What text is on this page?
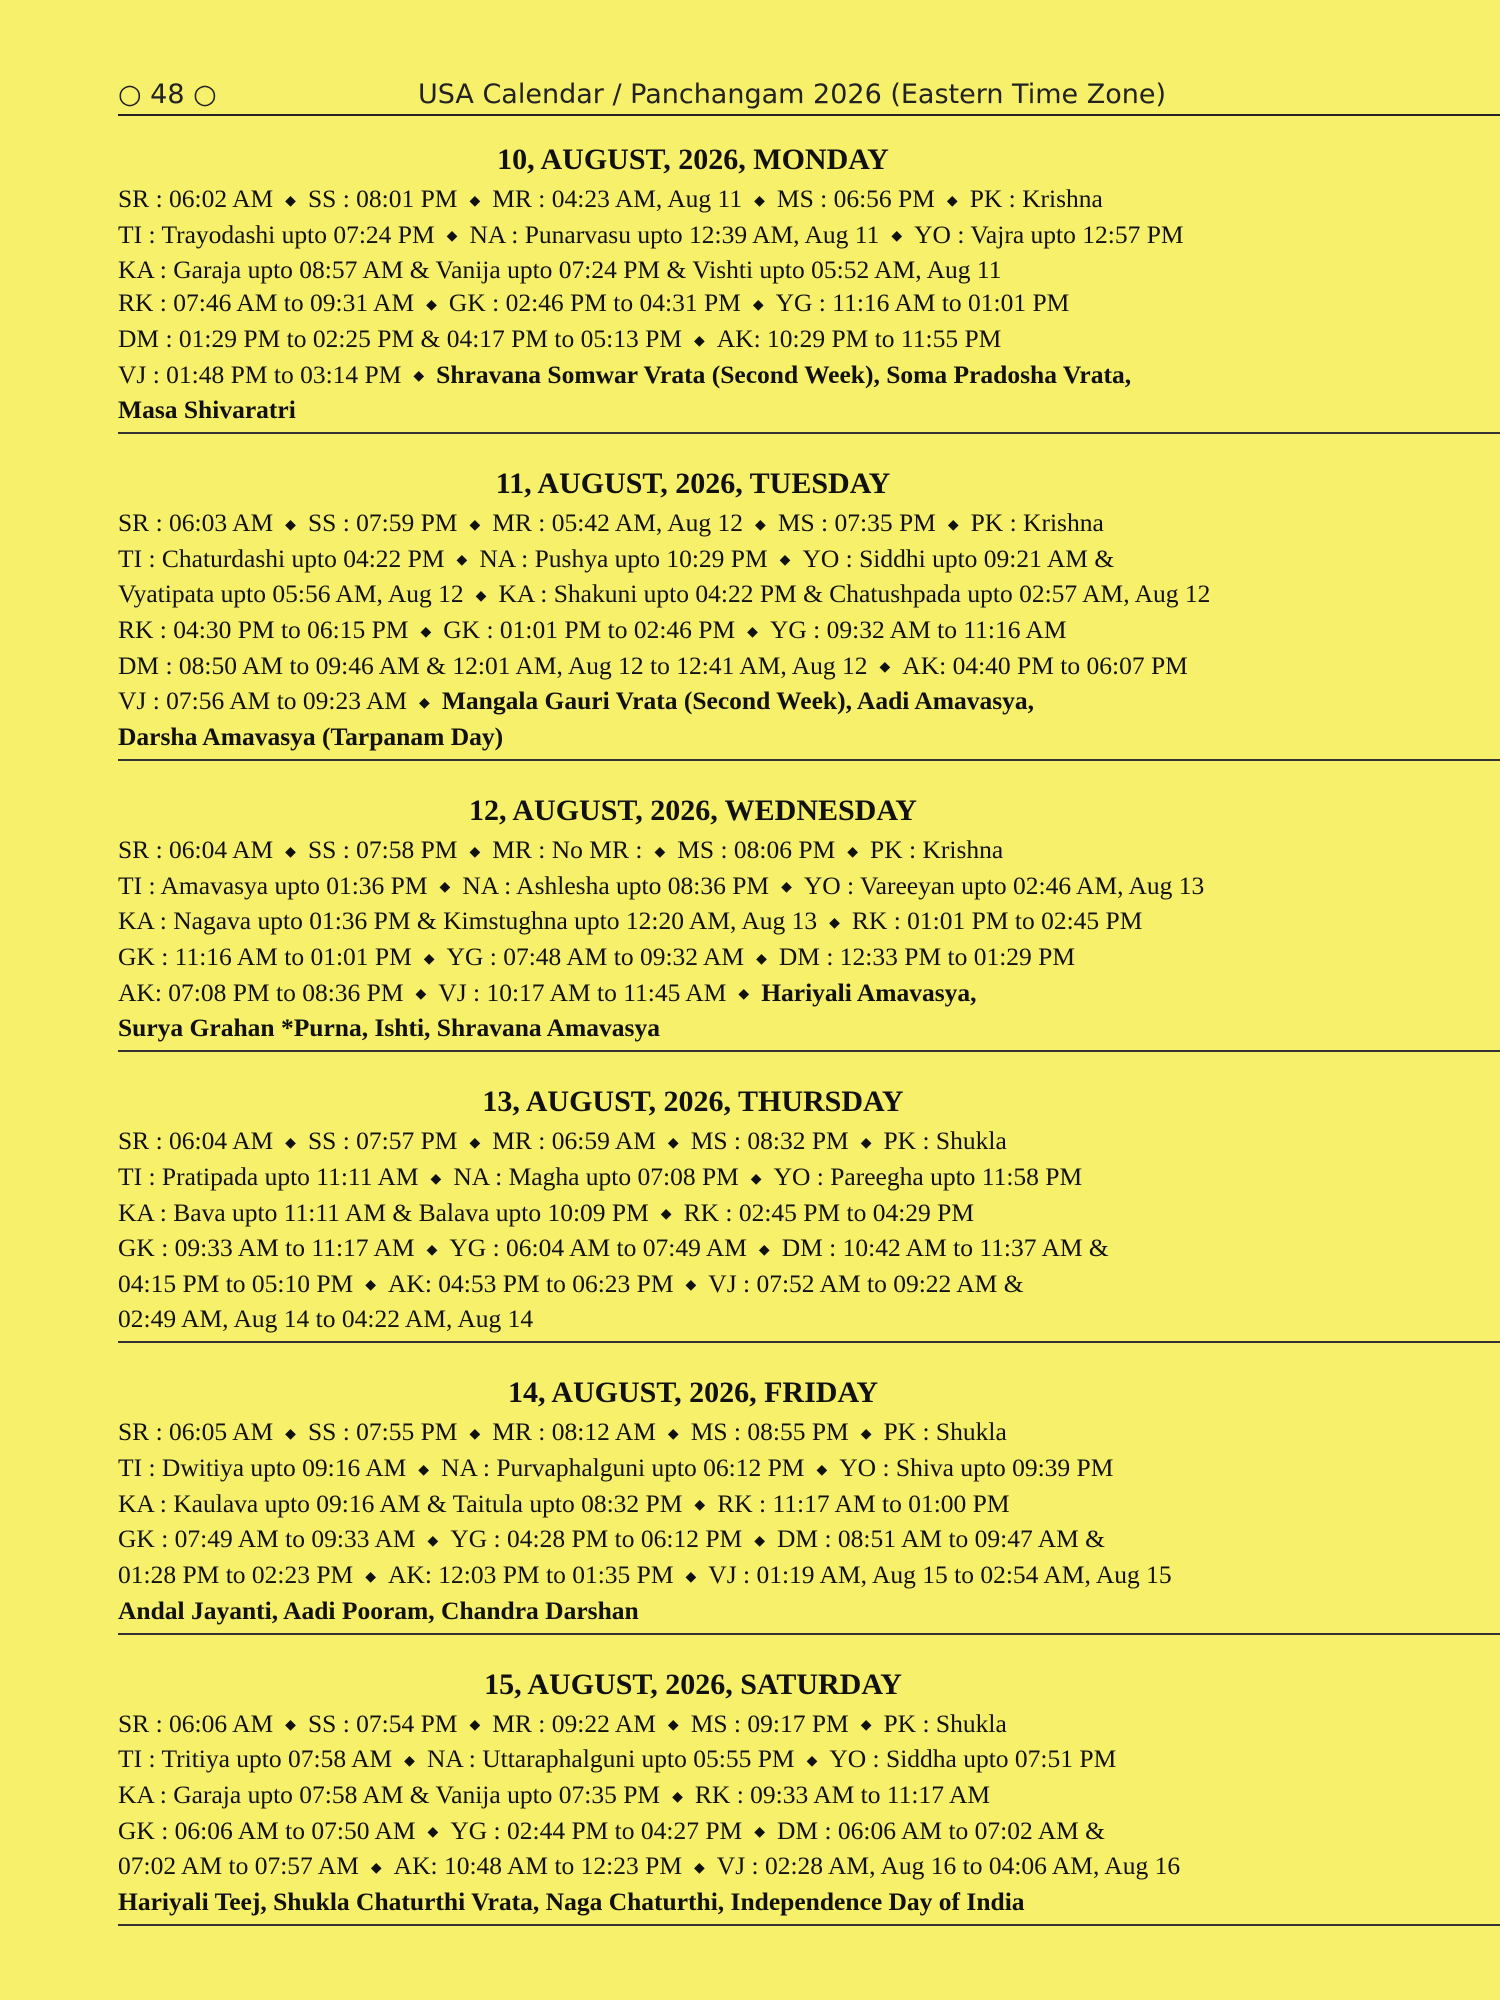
○ 48 ○	USA Calendar / Panchangam 2026 (Eastern Time Zone)
10, AUGUST, 2026, MONDAY
SR : 06:02 AM ◆ SS : 08:01 PM ◆ MR : 04:23 AM, Aug 11 ◆ MS : 06:56 PM ◆ PK : Krishna
TI : Trayodashi upto 07:24 PM ◆ NA : Punarvasu upto 12:39 AM, Aug 11 ◆ YO : Vajra upto 12:57 PM
KA : Garaja upto 08:57 AM & Vanija upto 07:24 PM & Vishti upto 05:52 AM, Aug 11
RK : 07:46 AM to 09:31 AM ◆ GK : 02:46 PM to 04:31 PM ◆ YG : 11:16 AM to 01:01 PM
DM : 01:29 PM to 02:25 PM & 04:17 PM to 05:13 PM ◆ AK: 10:29 PM to 11:55 PM
VJ : 01:48 PM to 03:14 PM ◆ Shravana Somwar Vrata (Second Week), Soma Pradosha Vrata,
Masa Shivaratri
11, AUGUST, 2026, TUESDAY
SR : 06:03 AM ◆ SS : 07:59 PM ◆ MR : 05:42 AM, Aug 12 ◆ MS : 07:35 PM ◆ PK : Krishna
TI : Chaturdashi upto 04:22 PM ◆ NA : Pushya upto 10:29 PM ◆ YO : Siddhi upto 09:21 AM &
Vyatipata upto 05:56 AM, Aug 12 ◆ KA : Shakuni upto 04:22 PM & Chatushpada upto 02:57 AM, Aug 12
RK : 04:30 PM to 06:15 PM ◆ GK : 01:01 PM to 02:46 PM ◆ YG : 09:32 AM to 11:16 AM
DM : 08:50 AM to 09:46 AM & 12:01 AM, Aug 12 to 12:41 AM, Aug 12 ◆ AK: 04:40 PM to 06:07 PM
VJ : 07:56 AM to 09:23 AM ◆ Mangala Gauri Vrata (Second Week), Aadi Amavasya,
Darsha Amavasya (Tarpanam Day)
12, AUGUST, 2026, WEDNESDAY
SR : 06:04 AM ◆ SS : 07:58 PM ◆ MR : No MR : ◆ MS : 08:06 PM ◆ PK : Krishna
TI : Amavasya upto 01:36 PM ◆ NA : Ashlesha upto 08:36 PM ◆ YO : Vareeyan upto 02:46 AM, Aug 13
KA : Nagava upto 01:36 PM & Kimstughna upto 12:20 AM, Aug 13 ◆ RK : 01:01 PM to 02:45 PM
GK : 11:16 AM to 01:01 PM ◆ YG : 07:48 AM to 09:32 AM ◆ DM : 12:33 PM to 01:29 PM
AK: 07:08 PM to 08:36 PM ◆ VJ : 10:17 AM to 11:45 AM ◆ Hariyali Amavasya,
Surya Grahan *Purna, Ishti, Shravana Amavasya
13, AUGUST, 2026, THURSDAY
SR : 06:04 AM ◆ SS : 07:57 PM ◆ MR : 06:59 AM ◆ MS : 08:32 PM ◆ PK : Shukla
TI : Pratipada upto 11:11 AM ◆ NA : Magha upto 07:08 PM ◆ YO : Pareegha upto 11:58 PM
KA : Bava upto 11:11 AM & Balava upto 10:09 PM ◆ RK : 02:45 PM to 04:29 PM
GK : 09:33 AM to 11:17 AM ◆ YG : 06:04 AM to 07:49 AM ◆ DM : 10:42 AM to 11:37 AM &
04:15 PM to 05:10 PM ◆ AK: 04:53 PM to 06:23 PM ◆ VJ : 07:52 AM to 09:22 AM &
02:49 AM, Aug 14 to 04:22 AM, Aug 14
14, AUGUST, 2026, FRIDAY
SR : 06:05 AM ◆ SS : 07:55 PM ◆ MR : 08:12 AM ◆ MS : 08:55 PM ◆ PK : Shukla
TI : Dwitiya upto 09:16 AM ◆ NA : Purvaphalguni upto 06:12 PM ◆ YO : Shiva upto 09:39 PM
KA : Kaulava upto 09:16 AM & Taitula upto 08:32 PM ◆ RK : 11:17 AM to 01:00 PM
GK : 07:49 AM to 09:33 AM ◆ YG : 04:28 PM to 06:12 PM ◆ DM : 08:51 AM to 09:47 AM &
01:28 PM to 02:23 PM ◆ AK: 12:03 PM to 01:35 PM ◆ VJ : 01:19 AM, Aug 15 to 02:54 AM, Aug 15
Andal Jayanti, Aadi Pooram, Chandra Darshan
15, AUGUST, 2026, SATURDAY
SR : 06:06 AM ◆ SS : 07:54 PM ◆ MR : 09:22 AM ◆ MS : 09:17 PM ◆ PK : Shukla
TI : Tritiya upto 07:58 AM ◆ NA : Uttaraphalguni upto 05:55 PM ◆ YO : Siddha upto 07:51 PM
KA : Garaja upto 07:58 AM & Vanija upto 07:35 PM ◆ RK : 09:33 AM to 11:17 AM
GK : 06:06 AM to 07:50 AM ◆ YG : 02:44 PM to 04:27 PM ◆ DM : 06:06 AM to 07:02 AM &
07:02 AM to 07:57 AM ◆ AK: 10:48 AM to 12:23 PM ◆ VJ : 02:28 AM, Aug 16 to 04:06 AM, Aug 16
Hariyali Teej, Shukla Chaturthi Vrata, Naga Chaturthi, Independence Day of India
